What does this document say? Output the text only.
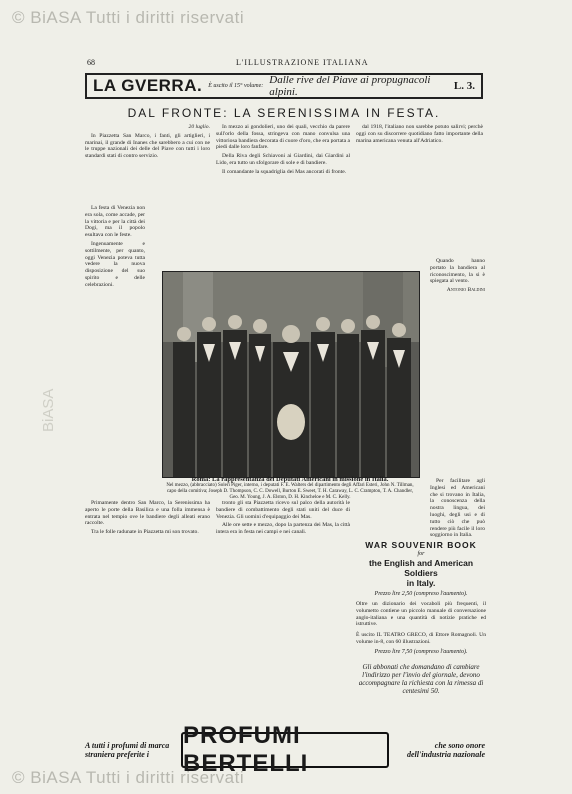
© BiASA Tutti i diritti riservati
© BiASA Tutti i diritti riservati
BiASA
68	L'ILLUSTRAZIONE ITALIANA
LA GVERRA. È uscito il 15° volume: Dalle rive del Piave ai propugnacoli alpini.	L. 3.
DAL FRONTE: LA SERENISSIMA IN FESTA.

20 luglio.

In Piazzetta San Marco, i fanti, gli artiglieri, i marinai, il grande di Inanes che sarebbero a cui con ne le truppe nazionali dei delle del Piave con tutti i loro standardi stati di contro servizio.

La festa di Venezia non era sola, come accade, per la vittoria e per la città dei Dogi, ma il popolo esultava con le feste.

Ingenuamente e sottilmente, per quanto, oggi Venezia poteva tutta vedere la nuova disposizione del suo spirito e delle celebrazioni.

In mezzo ai gondolieri, uno dei quali, vecchio da parere sull'orlo della fossa, stringeva con mano convulsa una vittoriosa bandiera decorata di cuore d'oro, che era portata a piedi dalle loro fanfare.

Della Riva degli Schiavoni ai Giardini, dai Giardini al Lido, era tutto un sfolgorare di sole e di bandiere.

Il comandante la squadriglia dei Mas ancorati di fronte.

dal 1918, l'italiano non sarebbe potuto salirvi; perchè oggi con su discorrere quotidiano fatto importante della marina americana venuta all'Adriatico.

Quando hanno portato la bandiera al riconoscimento, la si è spiegata al vento.

Antonio Baldini

Roma: La rappresentanza dei Deputati Americani in missione in Italia.
Nel mezzo, (abbracciato) Soleri Piger, interno, i deputati F. E. Walters del dipartimento degli Affari Esteri, John N. Tillman, capo della comitiva; Joseph D. Thompson, C. C. Dowell, Burton E. Sweet, T. H. Caraway, L. C. Crampton, T. A. Chandler, Geo. M. Young, J. A. Elston, D. H. Kincheloe e M. C. Kelly.

Per facilitare agli Inglesi ed Americani che si trovano in Italia, la conoscenza della nostra lingua, dei luoghi, degli usi e di tutto ciò che può rendere più facile il loro soggiorno in Italia.

Primamente dentro San Marco, la Serenissima ha aperto le porte della Basilica e una folla immensa è entrata nel tempio ove le bandiere degli alleati erano raccolte.

Tra le folle radunate in Piazzetta mi son trovato.

tronto gli sta Piazzetta ricevo sul palco della autorità le bandiere di combattimento degli stati uniti del duce di Venezia. Gli uomini d'equipaggio dei Mas.

Alle ore sette e mezzo, dopo la partenza dei Mas, la città intera era in festa nei campi e nei canali.

WAR SOUVENIR BOOK
for
the English and American Soldiers
in Italy.
Prezzo lire 2,50 (compreso l'aumento).
Oltre un dizionario dei vocaboli più frequenti, il volumetto contiene un piccolo manuale di conversazione anglo-italiana e una quantità di notizie pratiche ed istruttive.
È uscito IL TEATRO GRECO, di Ettore Romagnoli. Un volume in-8, con 60 illustrazioni.
Prezzo lire 7,50 (compreso l'aumento).
Gli abbonati che domandano di cambiare l'indirizzo per l'invio del giornale, devono accompagnare la richiesta con la rimessa di centesimi 50.
A tutti i profumi di marca straniera preferite i
PROFUMI BERTELLI
che sono onore dell'industria nazionale
